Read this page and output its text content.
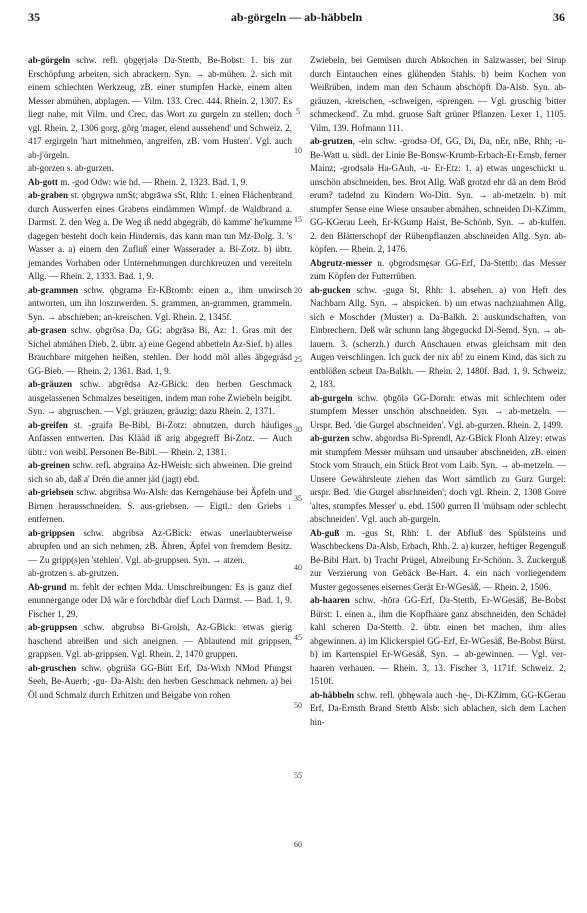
35	ab-görgeln — ab-häbbeln	36

ab-görgeln schw. refl. ǫbgęrjəlǝ Da-Stettb, Be-Bobst: 1. bis zur Erschöpfung arbeiten, sich abrackern. Syn. → ab-mühen. 2. sich mit einem schlechten Werkzeug, zB. einer stumpfen Hacke, einem alten Messer abmühen, abplagen. — Vilm. 133. Crec. 444. Rhein. 2, 1307. Es liegt nahe, mit Vilm. und Crec. das Wort zu gurgeln zu stellen; doch vgl. Rhein. 2, 1306 gorg, gôrg 'mager, elend aussehend' und Schweiz. 2, 417 ergirgeln 'hart mitnehmen, angreifen, zB. vom Husten'. Vgl. auch ab-j'örgeln.

ab-gorzen s. ab-gurzen.

Ab-gott m. -god Odw: wie hd. — Rhein. 2, 1323. Bad. 1, 9.

ab-graben st. ǫbgrǫwə nmSt; abgrāwə sSt, Rhh: 1. einen Flächenbrand durch Auswerfen eines Grabens eindämmen Wimpf. de Waldbrand a. Darmst. 2. den Weg a. De Weg iß nedd abgegräb, dö kamme' he'kumme dagegen besteht doch kein Hindernis, das kann man tun Mz-Dolg. 3. 's Wasser a. a) einem den Zufluß einer Wasserader a. Bi-Zotz. b) übtr. jemandes Vorhaben oder Unternehmungen durchkreuzen und vereiteln Allg. — Rhein. 2, 1333. Bad. 1, 9.

ab-grammen schw. ǫbgramǝ Er-KBromb: einen a., ihm unwirsch antworten, um ihn loszuwerden. S. grammen, an-grammen, grammeln. Syn. → abschieben; an-kreischen. Vgl. Rhein. 2, 1345f.

ab-grasen schw. ǫbgrōsǝ Da, GG; abgrāsǝ Bi, Az: 1. Gras mit der Sichel abmähen Dieb. 2. übtr. a) eine Gegend abbetteln Az-Sief. b) alles Brauchbare mitgehen heißen, stehlen. Der hodd mõl alles ãbgegräsd GG-Bieb. — Rhein. 2, 1361. Bad. 1, 9.

ab-gräuzen schw. abgrēdsǝ Az-GBick: den herben Geschmack ausgelassenen Schmalzes beseitigen, indem man rohe Zwiebeln beigibt. Syn. → abgruschen. — Vgl. gräuzen, gräuzig; dazu Rhein. 2, 1371.

ab-greifen st. -graifǝ Be-Bibl, Bi-Zotz: abnutzen, durch häufiges Anfassen entwerten. Das Klääd iß arig abgegreff Bi-Zotz. — Auch übtr.: von weibl. Personen Be-Bibl. — Rhein. 2, 1381.

ab-greinen schw. refl. abgrainǝ Az-HWeish: sich abweinen. Die greind sich so ab, daß a' Drën die anner jäd (jagt) ebd.

ab-griebsen schw. abgribsǝ Wo-Alsh: das Kerngehäuse bei Äpfeln und Birnen herausschneiden. S. aus-griebsen. — Eigtl.: den Griebs ↓ entfernen.

ab-grippsen schw. abgribsǝ Az-GBick: etwas unerlaubterweise abrupfen und an sich nehmen, zB. Ähren, Äpfel von fremdem Besitz. — Zu gripp(s)en 'stehlen'. Vgl. ab-gruppsen. Syn. → atzen.

ab-grotzen s. ab-grutzen.

Ab-grund m. fehlt der echten Mda. Umschreibungen: Es is ganz dief enunnergange oder Då wãr e forchdbãr dief Loch Darmst. — Bad. 1, 9. Fischer 1, 29.

ab-gruppsen schw. abgrubsǝ Bi-Grolsh, Az-GBick: etwas gierig haschend abreißen und sich aneignen. — Ablautend mit grippsen, grappsen. Vgl. ab-grippsen. Vgl. Rhein. 2, 1470 gruppen.

ab-gruschen schw. ǫbgrüšǝ GG-Bütt Erf, Da-Wixh NMod Pfungst Seeh, Be-Auerb; -gu- Da-Alsb: den herben Geschmack nehmen. a) bei Öl und Schmalz durch Erhitzen und Beigabe von rohen

5
10
15
20
25
30
35
40
45
50
55
60

Zwiebeln, bei Gemüsen durch Abkochen in Salzwasser, bei Sirup durch Eintauchen eines glühenden Stahls. b) beim Kochen von Weißrüben, indem man den Schaum abschöpft Da-Alsb. Syn. ab-gräuzen, -kreischen, -schweigen, -sprengen. — Vgl. gruschig 'bitter schmeckend'. Zu mhd. gruose Saft grüner Pflanzen. Lexer 1, 1105. Vilm. 139. Hofmann 111.

ab-grutzen, -eln schw. -grodsǝ Of, GG, Di, Da, nEr, nBe, Rhh; -u- Be-Watt u. südl. der Linie Be-Bonsw-Krumb-Erbach-Er-Ernsb, ferner Mainz; -grodsǝlǝ Ha-GAuh, -u- Er-Etz: 1. a) etwas ungeschickt u. unschön abschneiden, bes. Brot Allg. Waß grotzd ehr dã an dem Bröd erum? tadelnd zu Kindern Wo-Ditt. Syn. → ab-metzeln. b) mit stumpfer Sense eine Wiese unsauber abmähen, schneiden Di-KZimm, GG-KGerau Leeh, Er-KGump Haist, Be-Schönb. Syn. → ab-kulfen. 2. den Blätterschopf der Rübenpflanzen abschneiden Allg. Syn. ab-köpfen. — Rhein. 2, 1476.

Abgrutz-messer n. ǫbgrodsmęsǝr GG-Erf, Da-Stettb: das Messer zum Köpfen der Futterrüben.

ab-gucken schw. -gugǝ St, Rhh: 1. absehen. a) von Heft des Nachbarn Allg. Syn. → abspicken. b) um etwas nachzuahmen Allg. sich e Moschder (Muster) a. Da-Balkh. 2. auskundschaften, von Einbrechern. Deß wãr schunn lang ãbgeguckd Di-Semd. Syn. → ab-lauern. 3. (scherzh.) durch Anschauen etwas gleichsam mit den Augen verschlingen. Ich guck der nix ab! zu einem Kind, das sich zu entblößen scheut Da-Balkh. — Rhein. 2, 1480f. Bad. 1, 9. Schweiz. 2, 183.

ab-gurgeln schw. ǫbgōlǝ GG-Dornh: etwas mit schlechtem oder stumpfem Messer unschön abschneiden. Syn. → ab-metzeln. — Urspr. Bed. 'die Gurgel abschneiden'. Vgl. ab-gurzen. Rhein. 2, 1499.

ab-gurzen schw. abgordsǝ Bi-Sprendl, Az-GBick Flonh Alzey: etwas mit stumpfem Messer mühsam und unsauber abschneiden, zB. einen Stock vom Strauch, ein Stück Brot vom Laib. Syn. → ab-metzeln. — Unsere Gewährsleute ziehen das Wort sämtlich zu Gurz Gurgel: urspr. Bed. 'die Gurgel abschneiden'; doch vgl. Rhein. 2, 1308 Gorre 'altes, stumpfes Messer' u. ebd. 1500 gurren II 'mühsam oder schlecht abschneiden'. Vgl. auch ab-gurgeln.

Ab-guß m. -gus St, Rhh: 1. der Abfluß des Spülsteins und Waschbeckens Da-Alsb, Erbach, Rhh. 2. a) kurzer, heftiger Regenguß Be-Bibl Hart. b) Tracht Prügel, Abreibung Er-Schönn. 3. Zuckerguß zur Verzierung von Gebäck Be-Hart. 4. ein nach vorliegendem Muster gegossenes eisernes Gerät Er-WGesäß. — Rhein. 2, 1506.

ab-haaren schw. -hōrǝ GG-Erf, Da-Stettb, Er-WGesäß, Be-Bobst Bürst: 1. einen a., ihm die Kopfhaare ganz abschneiden, den Schädel kahl scheren Da-Stettb. 2. übtr. einen bet machen, ihm alles abgewinnen. a) im Klickerspiel GG-Erf, Er-WGesäß, Be-Bobst Bürst. b) im Kartenspiel Er-WGesäß. Syn. → ab-gewinnen. — Vgl. ver-haaren verhauen. — Rhein. 3, 13. Fischer 3, 1171f. Schweiz. 2, 1510f.

ab-häbbeln schw. refl. ǫbhęwǝlǝ auch -hę-, Di-KZimm, GG-KGerau Erf, Da-Ernsth Brand Stettb Alsb: sich ablachen, sich dem Lachen hin-
